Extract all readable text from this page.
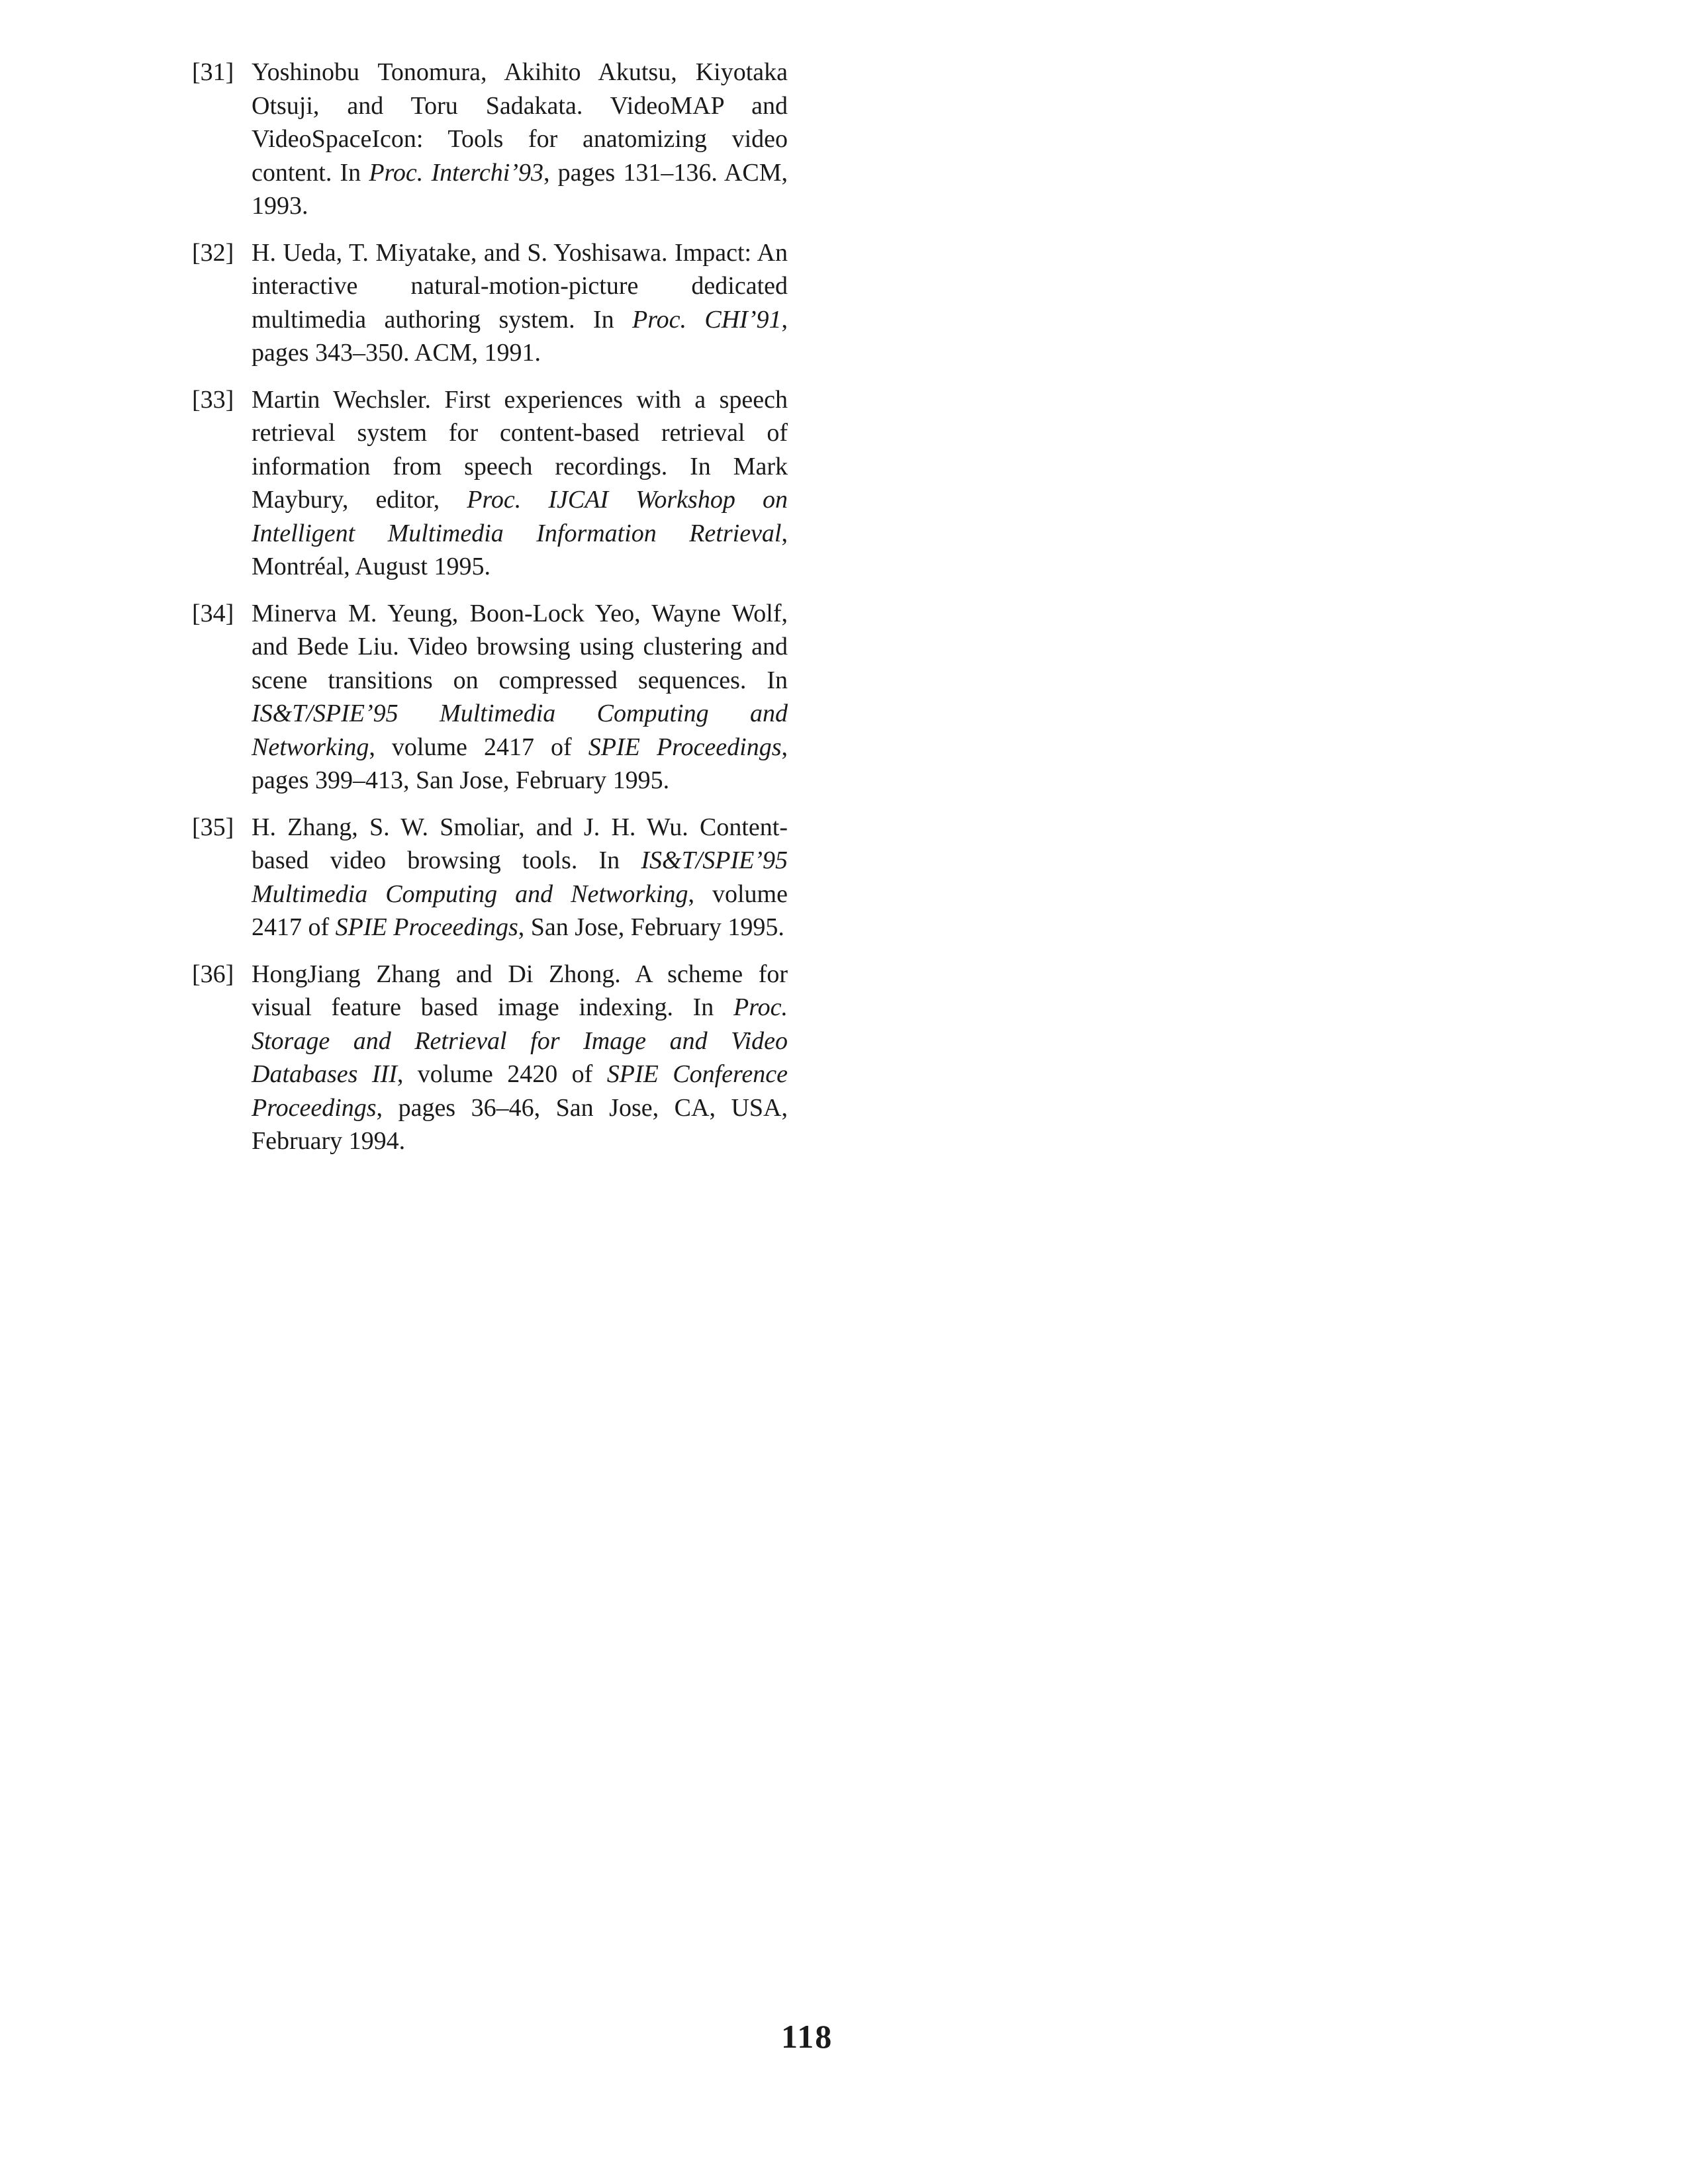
[31] Yoshinobu Tonomura, Akihito Akutsu, Kiyotaka Otsuji, and Toru Sadakata. VideoMAP and VideoSpaceIcon: Tools for anatomizing video content. In Proc. Interchi’93, pages 131–136. ACM, 1993.
[32] H. Ueda, T. Miyatake, and S. Yoshisawa. Impact: An interactive natural-motion-picture dedicated multimedia authoring system. In Proc. CHI’91, pages 343–350. ACM, 1991.
[33] Martin Wechsler. First experiences with a speech retrieval system for content-based retrieval of information from speech recordings. In Mark Maybury, editor, Proc. IJCAI Workshop on Intelligent Multimedia Information Retrieval, Montréal, August 1995.
[34] Minerva M. Yeung, Boon-Lock Yeo, Wayne Wolf, and Bede Liu. Video browsing using clustering and scene transitions on compressed sequences. In IS&T/SPIE’95 Multimedia Computing and Networking, volume 2417 of SPIE Proceedings, pages 399–413, San Jose, February 1995.
[35] H. Zhang, S. W. Smoliar, and J. H. Wu. Content-based video browsing tools. In IS&T/SPIE’95 Multimedia Computing and Networking, volume 2417 of SPIE Proceedings, San Jose, February 1995.
[36] HongJiang Zhang and Di Zhong. A scheme for visual feature based image indexing. In Proc. Storage and Retrieval for Image and Video Databases III, volume 2420 of SPIE Conference Proceedings, pages 36–46, San Jose, CA, USA, February 1994.
118
